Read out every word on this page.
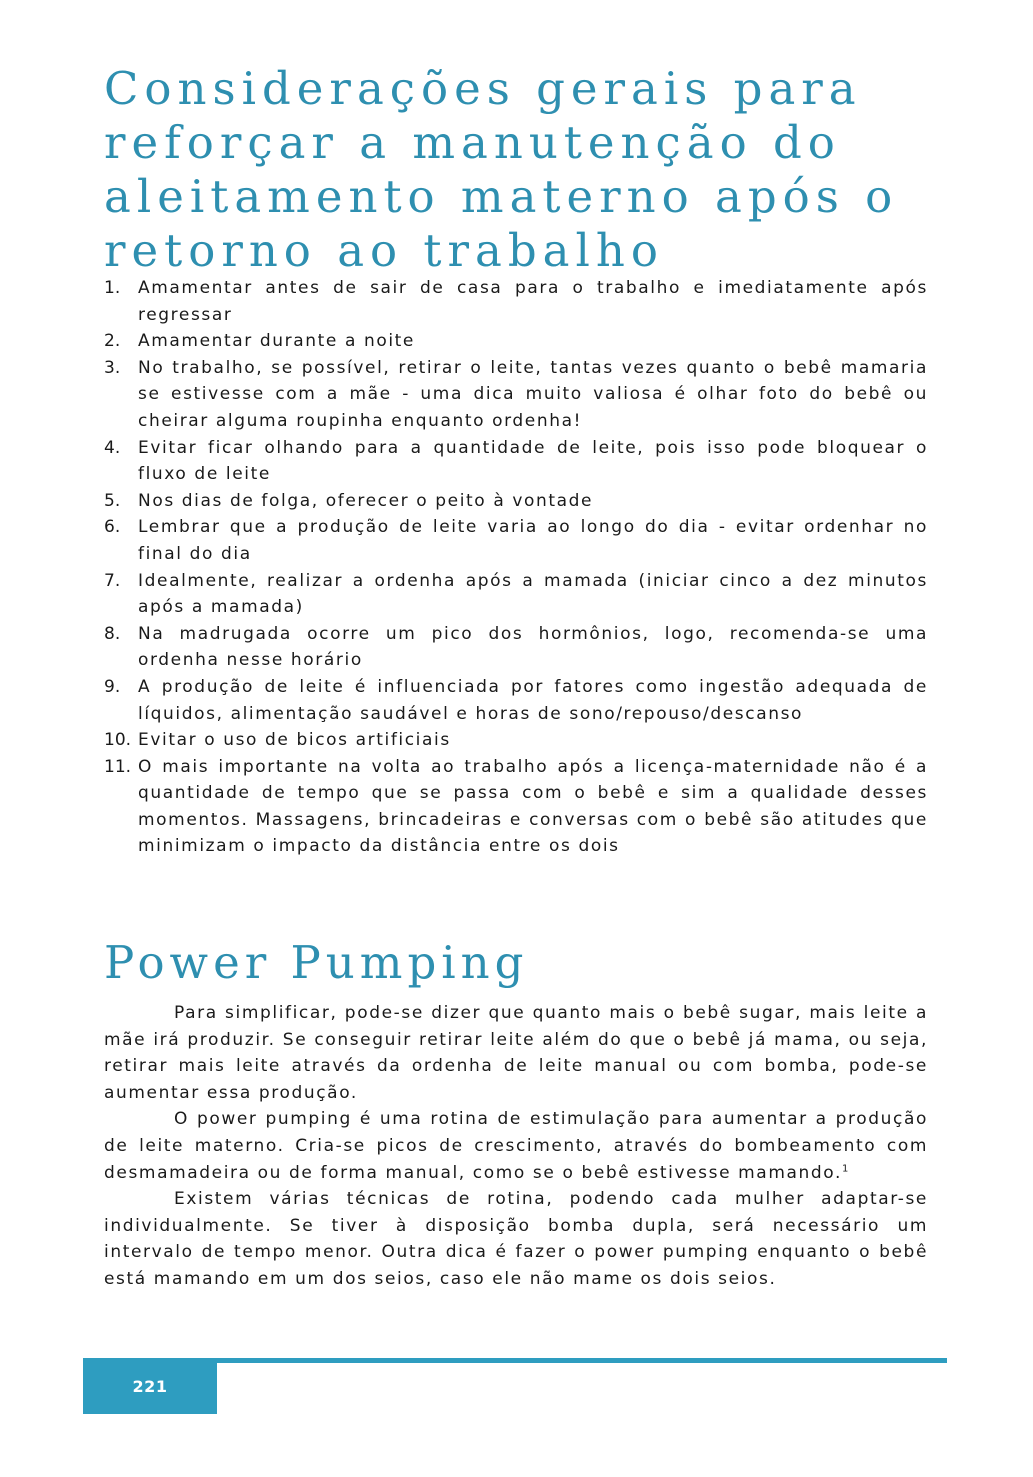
Considerações gerais para reforçar a manutenção do aleitamento materno após o retorno ao trabalho
1.	Amamentar antes de sair de casa para o trabalho e imediatamente após regressar
2.	Amamentar durante a noite
3.	No trabalho, se possível, retirar o leite, tantas vezes quanto o bebê mamaria se estivesse com a mãe - uma dica muito valiosa é olhar foto do bebê ou cheirar alguma roupinha enquanto ordenha!
4.	Evitar ficar olhando para a quantidade de leite, pois isso pode bloquear o fluxo de leite
5.	Nos dias de folga, oferecer o peito à vontade
6.	Lembrar que a produção de leite varia ao longo do dia - evitar ordenhar no final do dia
7.	Idealmente, realizar a ordenha após a mamada (iniciar cinco a dez minutos após a mamada)
8.	Na madrugada ocorre um pico dos hormônios, logo, recomenda-se uma ordenha nesse horário
9.	A produção de leite é influenciada por fatores como ingestão adequada de líquidos, alimentação saudável e horas de sono/repouso/descanso
10. Evitar o uso de bicos artificiais
11. O mais importante na volta ao trabalho após a licença-maternidade não é a quantidade de tempo que se passa com o bebê e sim a qualidade desses momentos. Massagens, brincadeiras e conversas com o bebê são atitudes que minimizam o impacto da distância entre os dois
Power Pumping

Para simplificar, pode-se dizer que quanto mais o bebê sugar, mais leite a mãe irá produzir. Se conseguir retirar leite além do que o bebê já mama, ou seja, retirar mais leite através da ordenha de leite manual ou com bomba, pode-se aumentar essa produção.

O power pumping é uma rotina de estimulação para aumentar a produção de leite materno. Cria-se picos de crescimento, através do bombeamento com desmamadeira ou de forma manual, como se o bebê estivesse mamando.$^1$

Existem várias técnicas de rotina, podendo cada mulher adaptar-se individualmente. Se tiver à disposição bomba dupla, será necessário um intervalo de tempo menor. Outra dica é fazer o power pumping enquanto o bebê está mamando em um dos seios, caso ele não mame os dois seios.

221
